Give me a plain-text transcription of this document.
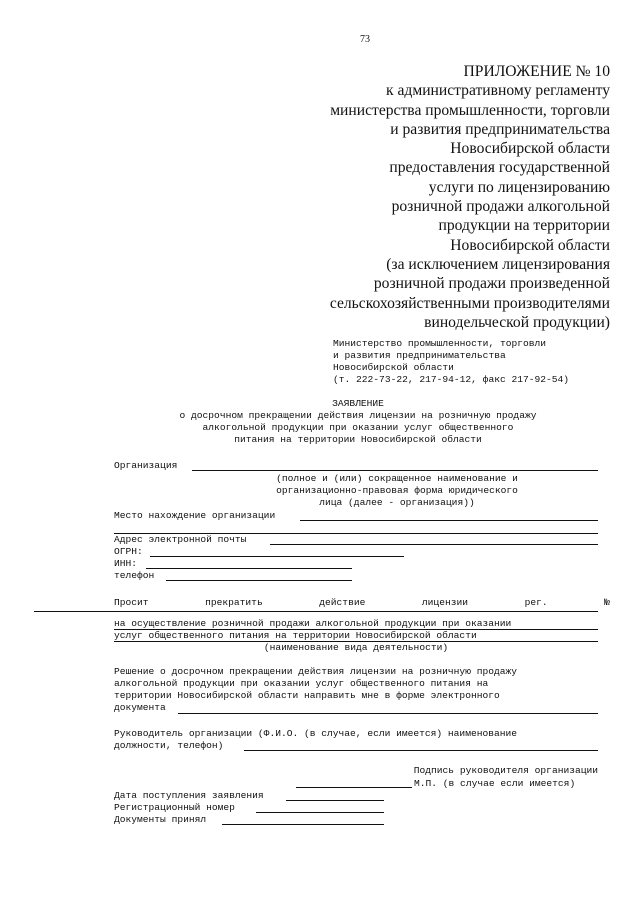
73
ПРИЛОЖЕНИЕ № 10
к административному регламенту
министерства промышленности, торговли
и развития предпринимательства
Новосибирской области
предоставления государственной
услуги по лицензированию
розничной продажи алкогольной
продукции на территории
Новосибирской области
(за исключением лицензирования
розничной продажи произведенной
сельскохозяйственными производителями
винодельческой продукции)
Министерство промышленности, торговли
и развития предпринимательства
Новосибирской области
(т. 222-73-22, 217-94-12, факс 217-92-54)
ЗАЯВЛЕНИЕ
о досрочном прекращении действия лицензии на розничную продажу
алкогольной продукции при оказании услуг общественного
питания на территории Новосибирской области
Организация
(полное и (или) сокращенное наименование и
организационно-правовая форма юридического
лица (далее - организация))
Место нахождение организации
Адрес электронной почты
ОГРН:
ИНН:
телефон
Просит	прекратить	действие	лицензии	рег.	№
на осуществление розничной продажи алкогольной продукции при оказании
услуг общественного питания на территории Новосибирской области
(наименование вида деятельности)
Решение о досрочном прекращении действия лицензии на розничную продажу
алкогольной продукции при оказании услуг общественного питания на
территории Новосибирской области направить мне в форме электронного
документа
Руководитель организации (Ф.И.О. (в случае, если имеется) наименование
должности, телефон)
Подпись руководителя организации
М.П. (в случае если имеется)
Дата поступления заявления
Регистрационный номер
Документы принял
